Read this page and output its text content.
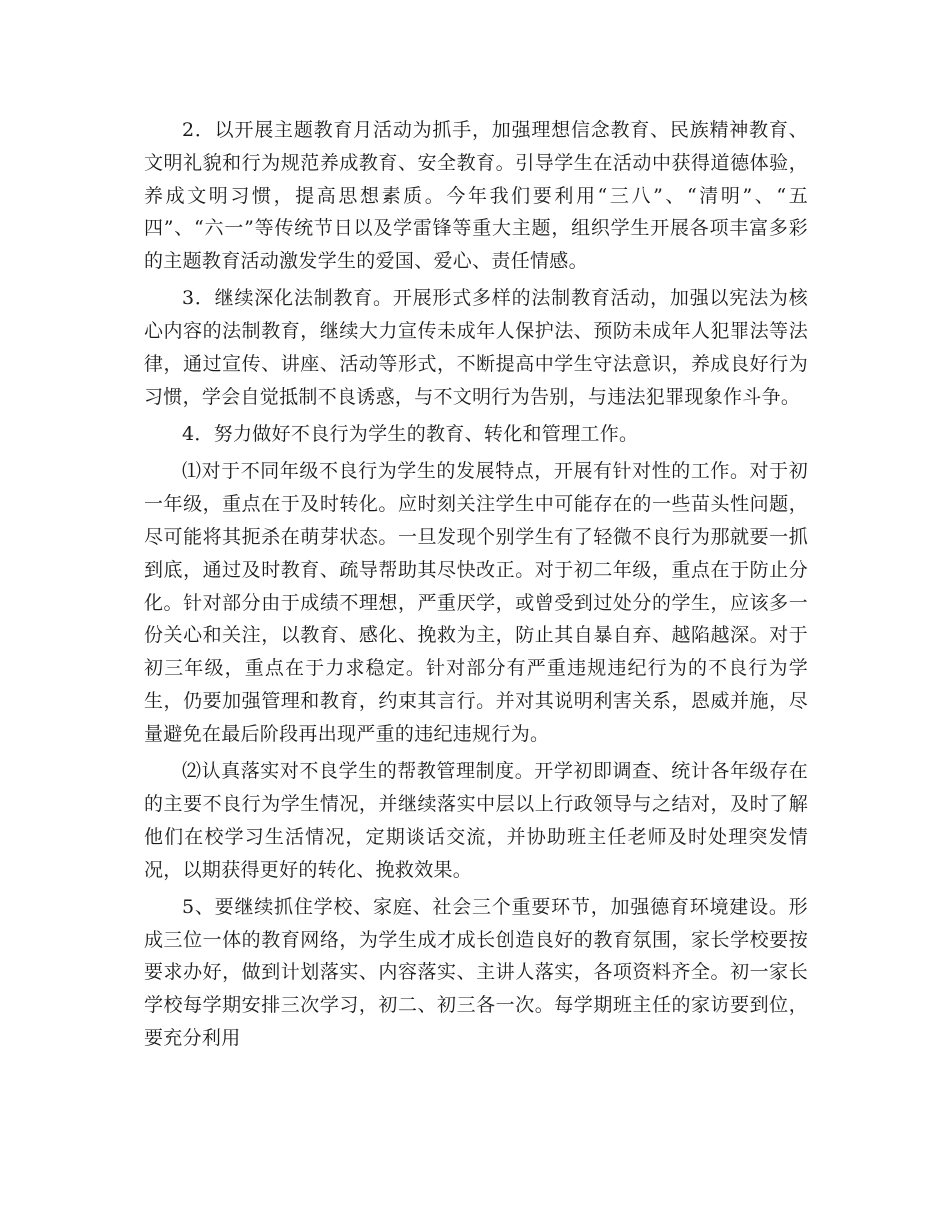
2．以开展主题教育月活动为抓手，加强理想信念教育、民族精神教育、文明礼貌和行为规范养成教育、安全教育。引导学生在活动中获得道德体验，养成文明习惯，提高思想素质。今年我们要利用“三八”、“清明”、“五四”、“六一”等传统节日以及学雷锋等重大主题，组织学生开展各项丰富多彩的主题教育活动激发学生的爱国、爱心、责任情感。

3．继续深化法制教育。开展形式多样的法制教育活动，加强以宪法为核心内容的法制教育，继续大力宣传未成年人保护法、预防未成年人犯罪法等法律，通过宣传、讲座、活动等形式，不断提高中学生守法意识，养成良好行为习惯，学会自觉抵制不良诱惑，与不文明行为告别，与违法犯罪现象作斗争。

4．努力做好不良行为学生的教育、转化和管理工作。

⑴对于不同年级不良行为学生的发展特点，开展有针对性的工作。对于初一年级，重点在于及时转化。应时刻关注学生中可能存在的一些苗头性问题，尽可能将其扼杀在萌芽状态。一旦发现个别学生有了轻微不良行为那就要一抓到底，通过及时教育、疏导帮助其尽快改正。对于初二年级，重点在于防止分化。针对部分由于成绩不理想，严重厌学，或曾受到过处分的学生，应该多一份关心和关注，以教育、感化、挽救为主，防止其自暴自弃、越陷越深。对于初三年级，重点在于力求稳定。针对部分有严重违规违纪行为的不良行为学生，仍要加强管理和教育，约束其言行。并对其说明利害关系，恩威并施，尽量避免在最后阶段再出现严重的违纪违规行为。

⑵认真落实对不良学生的帮教管理制度。开学初即调查、统计各年级存在的主要不良行为学生情况，并继续落实中层以上行政领导与之结对，及时了解他们在校学习生活情况，定期谈话交流，并协助班主任老师及时处理突发情况，以期获得更好的转化、挽救效果。

5、要继续抓住学校、家庭、社会三个重要环节，加强德育环境建设。形成三位一体的教育网络，为学生成才成长创造良好的教育氛围，家长学校要按要求办好，做到计划落实、内容落实、主讲人落实，各项资料齐全。初一家长学校每学期安排三次学习，初二、初三各一次。每学期班主任的家访要到位，要充分利用
